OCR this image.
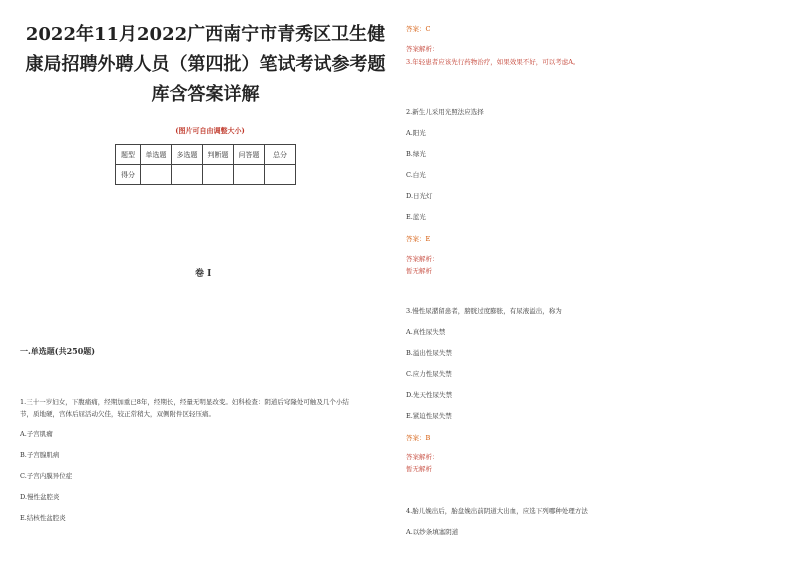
2022年11月2022广西南宁市青秀区卫生健康局招聘外聘人员（第四批）笔试考试参考题库含答案详解
(图片可自由调整大小)
题型	单选题	多选题	判断题	问答题	总分
得分					
卷 I
一.单选题(共250题)
1.三十一岁妇女，下腹痛痛，经期加重已8年，经期长，经量无明显改变。妇科检查：阴道后穹隆处可触及几个小结节，质地硬，宫体后屈活动欠佳，较正常稍大，双侧附件区轻压痛。
A.子宫肌瘤
B.子宫腺肌病
C.子宫内膜异位症
D.慢性盆腔炎
E.结核性盆腔炎
答案：C
答案解析：
3.年轻患者应该先行药物治疗，如果效果不好，可以考虑A。
2.新生儿采用光照法应选择
A.阳光
B.绿光
C.白光
D.日光灯
E.蓝光
答案：E
答案解析：
暂无解析
3.慢性尿潴留患者，膀胱过度膨胀，有尿液溢出，称为
A.真性尿失禁
B.溢出性尿失禁
C.应力性尿失禁
D.先天性尿失禁
E.紧迫性尿失禁
答案：B
答案解析：
暂无解析
4.胎儿娩出后，胎盘娩出前阴道大出血，应选下列哪种处理方法
A.以纱条填塞阴道
